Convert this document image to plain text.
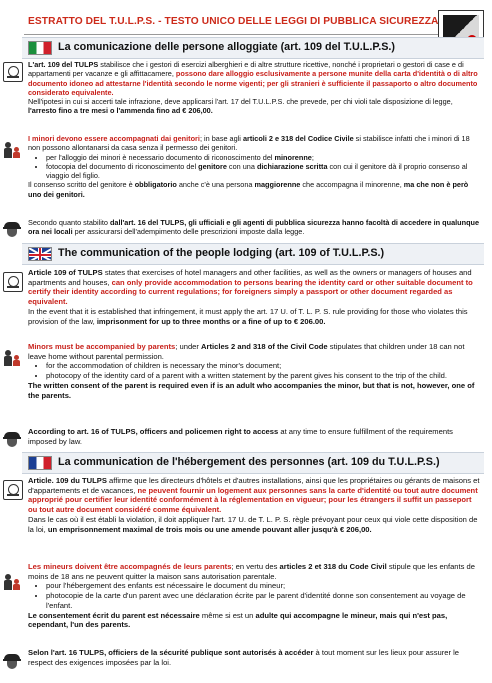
ESTRATTO DEL T.U.L.P.S. - TESTO UNICO DELLE LEGGI DI PUBBLICA SICUREZZA
La comunicazione delle persone alloggiate (art. 109 del T.U.L.P.S.)
L'art. 109 del TULPS stabilisce che i gestori di esercizi alberghieri e di altre strutture ricettive, nonché i proprietari o gestori di case e di appartamenti per vacanze e gli affittacamere, possono dare alloggio esclusivamente a persone munite della carta d'identità o di altro documento idoneo ad attestarne l'identità secondo le norme vigenti; per gli stranieri è sufficiente il passaporto o altro documento considerato equivalente.
Nell'ipotesi in cui si accerti tale infrazione, deve applicarsi l'art. 17 del T.U.L.P.S. che prevede, per chi violi tale disposizione di legge, l'arresto fino a tre mesi o l'ammenda fino ad € 206,00.
I minori devono essere accompagnati dai genitori; in base agli articoli 2 e 318 del Codice Civile si stabilisce infatti che i minori di 18 non possono allontanarsi da casa senza il permesso dei genitori.
• per l'alloggio dei minori è necessario documento di riconoscimento del minorenne;
• fotocopia del documento di riconoscimento del genitore con una dichiarazione scritta con cui il genitore dà il proprio consenso al viaggio del figlio.
Il consenso scritto del genitore è obbligatorio anche c'è una persona maggiorenne che accompagna il minorenne, ma che non è però uno dei genitori.
Secondo quanto stabilito dall'art. 16 del TULPS, gli ufficiali e gli agenti di pubblica sicurezza hanno facoltà di accedere in qualunque ora nei locali per assicurarsi dell'adempimento delle prescrizioni imposte dalla legge.
The communication of the people lodging (art. 109 of T.U.L.P.S.)
Article 109 of TULPS states that exercises of hotel managers and other facilities, as well as the owners or managers of houses and apartments and houses, can only provide accommodation to persons bearing the identity card or other suitable document to certify their identity according to current regulations; for foreigners simply a passport or other document regarded as equivalent.
In the event that it is established that infringement, it must apply the art. 17 U. of T. L. P. S. rule providing for those who violates this provision of the law, imprisonment for up to three months or a fine of up to € 206.00.
Minors must be accompanied by parents; under Articles 2 and 318 of the Civil Code stipulates that children under 18 can not leave home without parental permission.
• for the accommodation of children is necessary the minor's document;
• photocopy of the identity card of a parent with a written statement by the parent gives his consent to the trip of the child.
The written consent of the parent is required even if is an adult who accompanies the minor, but that is not, however, one of the parents.
According to art. 16 of TULPS, officers and policemen right to access at any time to ensure fulfillment of the requirements imposed by law.
La communication de l'hébergement des personnes (art. 109 du T.U.L.P.S.)
Article. 109 du TULPS affirme que les directeurs d'hôtels et d'autres installations, ainsi que les propriétaires ou gérants de maisons et d'appartements et de vacances, ne peuvent fournir un logement aux personnes sans la carte d'identité ou tout autre document approprié pour certifier leur identité conformément à la réglementation en vigueur; pour les étrangers il suffit un passeport ou tout autre document considéré comme équivalent.
Dans le cas où il est établi la violation, il doit appliquer l'art. 17 U. de T. L. P. S. règle prévoyant pour ceux qui viole cette disposition de la loi, un emprisonnement maximal de trois mois ou une amende pouvant aller jusqu'à € 206,00.
Les mineurs doivent être accompagnés de leurs parents; en vertu des articles 2 et 318 du Code Civil stipule que les enfants de moins de 18 ans ne peuvent quitter la maison sans autorisation parentale.
• pour l'hébergement des enfants est nécessaire le document du mineur;
• photocopie de la carte d'un parent avec une déclaration écrite par le parent d'identité donne son consentement au voyage de l'enfant.
Le consentement écrit du parent est nécessaire même si est un adulte qui accompagne le mineur, mais qui n'est pas, cependant, l'un des parents.
Selon l'art. 16 TULPS, officiers de la sécurité publique sont autorisés à accéder à tout moment sur les lieux pour assurer le respect des exigences imposées par la loi.
